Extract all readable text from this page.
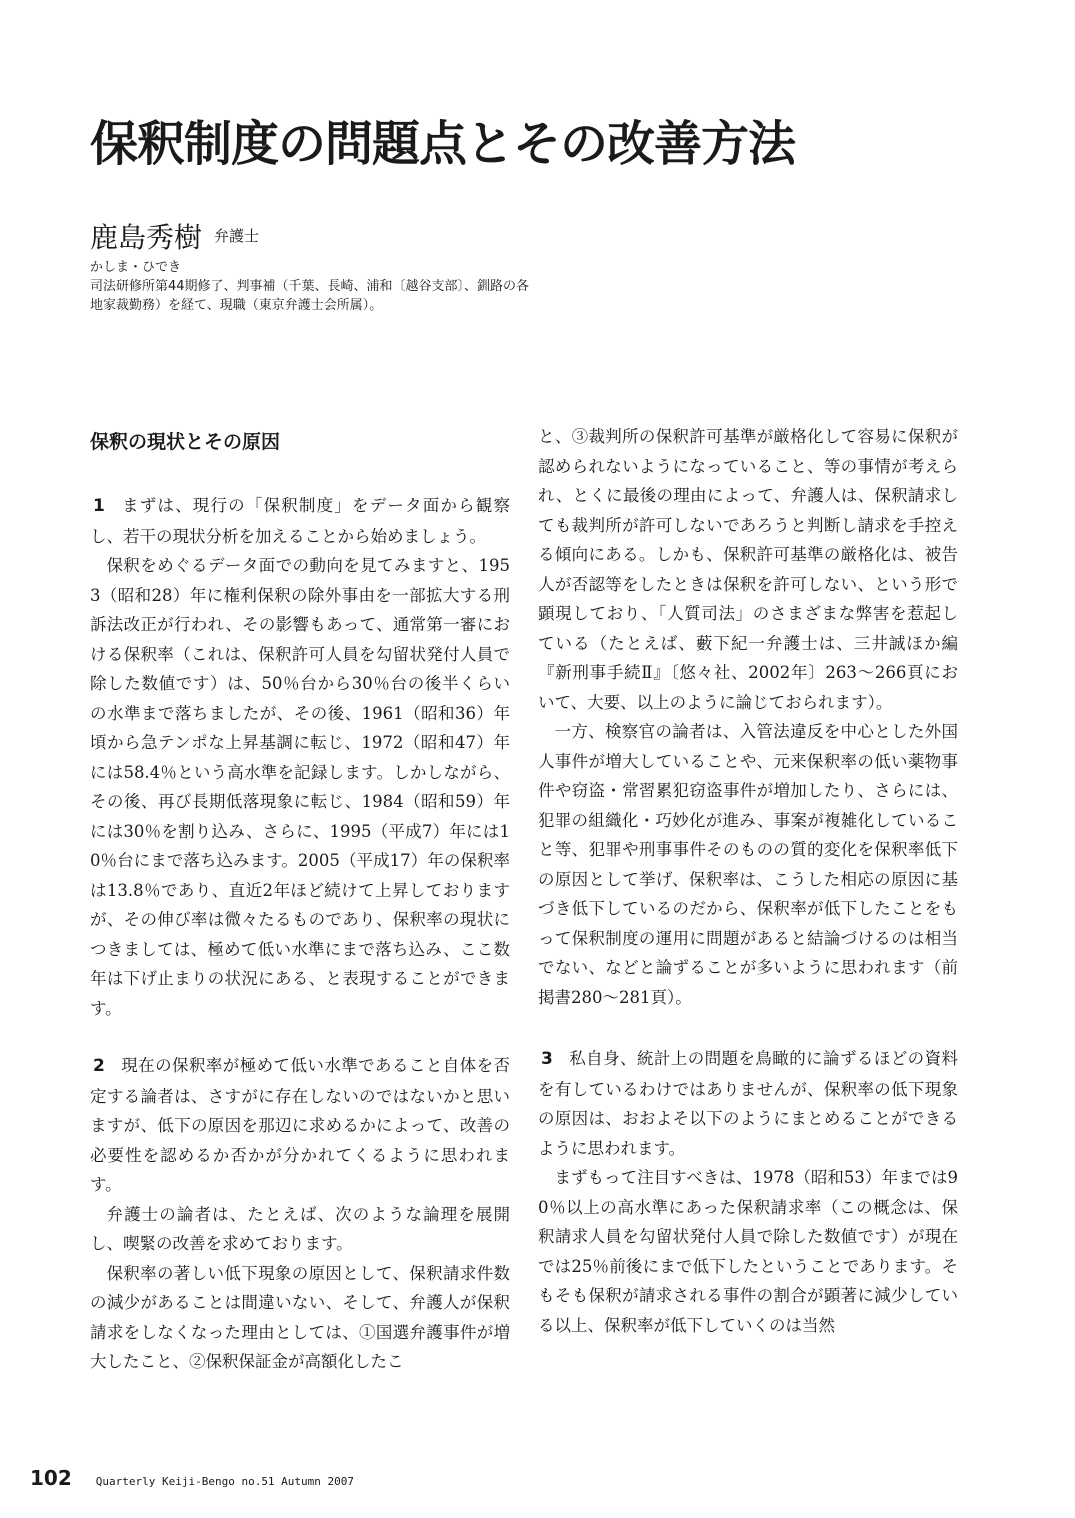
保釈制度の問題点とその改善方法
鹿島秀樹 弁護士

かしま・ひでき

司法研修所第44期修了、判事補（千葉、長崎、浦和〔越谷支部〕、釧路の各地家裁勤務）を経て、現職（東京弁護士会所属）。

保釈の現状とその原因

1 まずは、現行の「保釈制度」をデータ面から観察し、若干の現状分析を加えることから始めましょう。

保釈をめぐるデータ面での動向を見てみますと、1953（昭和28）年に権利保釈の除外事由を一部拡大する刑訴法改正が行われ、その影響もあって、通常第一審における保釈率（これは、保釈許可人員を勾留状発付人員で除した数値です）は、50％台から30％台の後半くらいの水準まで落ちましたが、その後、1961（昭和36）年頃から急テンポな上昇基調に転じ、1972（昭和47）年には58.4％という高水準を記録します。しかしながら、その後、再び長期低落現象に転じ、1984（昭和59）年には30％を割り込み、さらに、1995（平成7）年には10％台にまで落ち込みます。2005（平成17）年の保釈率は13.8％であり、直近2年ほど続けて上昇しておりますが、その伸び率は微々たるものであり、保釈率の現状につきましては、極めて低い水準にまで落ち込み、ここ数年は下げ止まりの状況にある、と表現することができます。

2 現在の保釈率が極めて低い水準であること自体を否定する論者は、さすがに存在しないのではないかと思いますが、低下の原因を那辺に求めるかによって、改善の必要性を認めるか否かが分かれてくるように思われます。

弁護士の論者は、たとえば、次のような論理を展開し、喫緊の改善を求めております。

保釈率の著しい低下現象の原因として、保釈請求件数の減少があることは間違いない、そして、弁護人が保釈請求をしなくなった理由としては、①国選弁護事件が増大したこと、②保釈保証金が高額化したこ

と、③裁判所の保釈許可基準が厳格化して容易に保釈が認められないようになっていること、等の事情が考えられ、とくに最後の理由によって、弁護人は、保釈請求しても裁判所が許可しないであろうと判断し請求を手控える傾向にある。しかも、保釈許可基準の厳格化は、被告人が否認等をしたときは保釈を許可しない、という形で顕現しており、「人質司法」のさまざまな弊害を惹起している（たとえば、藪下紀一弁護士は、三井誠ほか編『新刑事手続Ⅱ』〔悠々社、2002年〕263〜266頁において、大要、以上のように論じておられます）。

一方、検察官の論者は、入管法違反を中心とした外国人事件が増大していることや、元来保釈率の低い薬物事件や窃盗・常習累犯窃盗事件が増加したり、さらには、犯罪の組織化・巧妙化が進み、事案が複雑化していること等、犯罪や刑事事件そのものの質的変化を保釈率低下の原因として挙げ、保釈率は、こうした相応の原因に基づき低下しているのだから、保釈率が低下したことをもって保釈制度の運用に問題があると結論づけるのは相当でない、などと論ずることが多いように思われます（前掲書280〜281頁）。

3 私自身、統計上の問題を鳥瞰的に論ずるほどの資料を有しているわけではありませんが、保釈率の低下現象の原因は、おおよそ以下のようにまとめることができるように思われます。

まずもって注目すべきは、1978（昭和53）年までは90％以上の高水準にあった保釈請求率（この概念は、保釈請求人員を勾留状発付人員で除した数値です）が現在では25％前後にまで低下したということであります。そもそも保釈が請求される事件の割合が顕著に減少している以上、保釈率が低下していくのは当然

102 Quarterly Keiji-Bengo no.51 Autumn 2007
